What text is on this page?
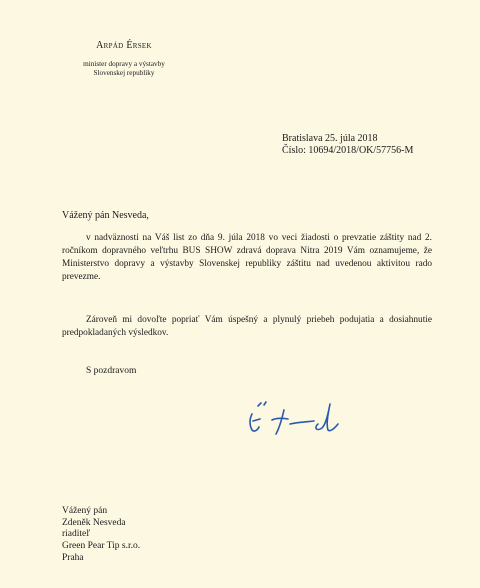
Arpád Érsek
minister dopravy a výstavby
Slovenskej republiky
Bratislava 25. júla 2018
Číslo: 10694/2018/OK/57756-M
Vážený pán Nesveda,
v nadväznosti na Váš list zo dňa 9. júla 2018 vo veci žiadosti o prevzatie záštity nad 2. ročníkom dopravného veľtrhu BUS SHOW zdravá doprava Nitra 2019 Vám oznamujeme, že Ministerstvo dopravy a výstavby Slovenskej republiky záštitu nad uvedenou aktivitou rado prevezme.
Zároveň mi dovoľte popriať Vám úspešný a plynulý priebeh podujatia a dosiahnutie predpokladaných výsledkov.
S pozdravom
Vážený pán
Zdeněk Nesveda
riaditeľ
Green Pear Tip s.r.o.
Praha
